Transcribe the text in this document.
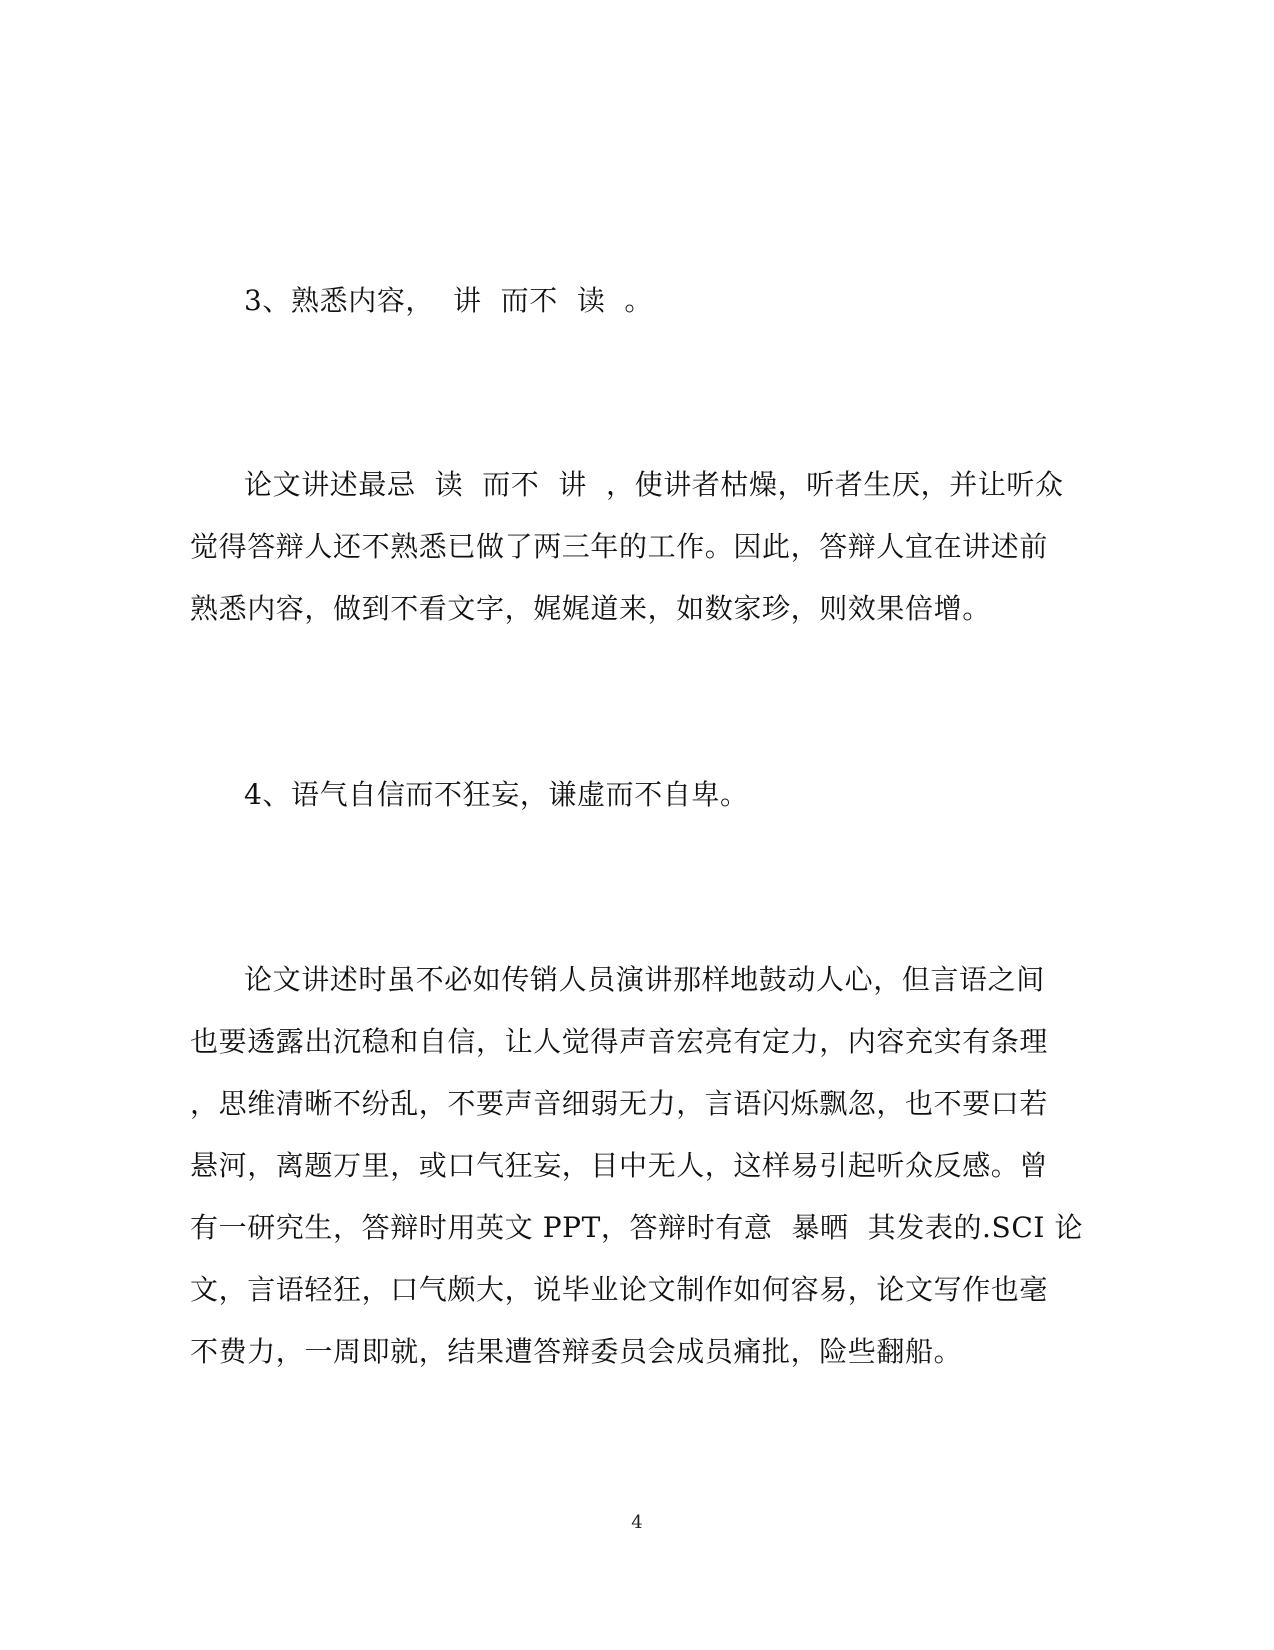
3、熟悉内容，  讲  而不  读  。
论文讲述最忌  读  而不  讲  ，使讲者枯燥，听者生厌，并让听众
觉得答辩人还不熟悉已做了两三年的工作。因此，答辩人宜在讲述前
熟悉内容，做到不看文字，娓娓道来，如数家珍，则效果倍增。
4、语气自信而不狂妄，谦虚而不自卑。
论文讲述时虽不必如传销人员演讲那样地鼓动人心，但言语之间
也要透露出沉稳和自信，让人觉得声音宏亮有定力，内容充实有条理
，思维清晰不纷乱，不要声音细弱无力，言语闪烁飘忽，也不要口若
悬河，离题万里，或口气狂妄，目中无人，这样易引起听众反感。曾
有一研究生，答辩时用英文 PPT，答辩时有意  暴晒  其发表的.SCI 论
文，言语轻狂，口气颇大，说毕业论文制作如何容易，论文写作也毫
不费力，一周即就，结果遭答辩委员会成员痛批，险些翻船。
4
